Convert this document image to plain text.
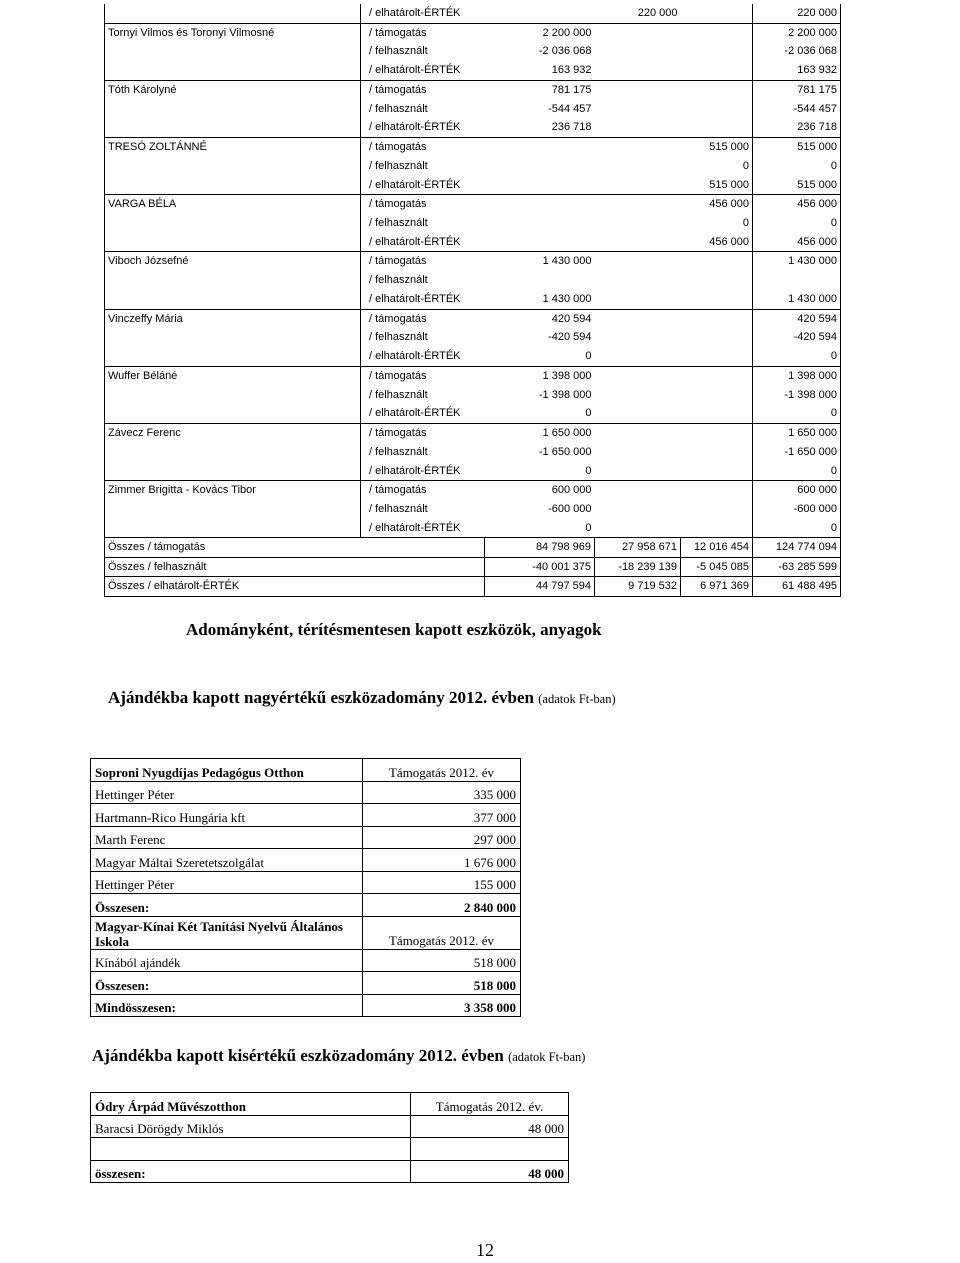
	/ elhatárolt-ÉRTÉK		220 000		220 000
Tornyi Vilmos és Toronyi Vilmosné	/ támogatás	2 200 000			2 200 000
	/ felhasznált	-2 036 068			-2 036 068
	/ elhatárolt-ÉRTÉK	163 932			163 932
Tóth Károlyné	/ támogatás	781 175			781 175
	/ felhasznált	-544 457			-544 457
	/ elhatárolt-ÉRTÉK	236 718			236 718
TRESÓ ZOLTÁNNÉ	/ támogatás			515 000	515 000
	/ felhasznált			0	0
	/ elhatárolt-ÉRTÉK			515 000	515 000
VARGA BÉLA	/ támogatás			456 000	456 000
	/ felhasznált			0	0
	/ elhatárolt-ÉRTÉK			456 000	456 000
Viboch Józsefné	/ támogatás	1 430 000			1 430 000
	/ felhasznált				
	/ elhatárolt-ÉRTÉK	1 430 000			1 430 000
Vinczeffy Mária	/ támogatás	420 594			420 594
	/ felhasznált	-420 594			-420 594
	/ elhatárolt-ÉRTÉK	0			0
Wuffer Béláné	/ támogatás	1 398 000			1 398 000
	/ felhasznált	-1 398 000			-1 398 000
	/ elhatárolt-ÉRTÉK	0			0
Závecz Ferenc	/ támogatás	1 650 000			1 650 000
	/ felhasznált	-1 650 000			-1 650 000
	/ elhatárolt-ÉRTÉK	0			0
Zimmer Brigitta - Kovács Tibor	/ támogatás	600 000			600 000
	/ felhasznált	-600 000			-600 000
	/ elhatárolt-ÉRTÉK	0			0
Összes / támogatás		84 798 969	27 958 671	12 016 454	124 774 094
Összes / felhasznált		-40 001 375	-18 239 139	-5 045 085	-63 285 599
Összes / elhatárolt-ÉRTÉK		44 797 594	9 719 532	6 971 369	61 488 495
Adományként, térítésmentesen kapott eszközök, anyagok
Ajándékba kapott nagyértékű eszközadomány 2012. évben (adatok Ft-ban)
Soproni Nyugdíjas Pedagógus Otthon	Támogatás 2012. év
Hettinger Péter	335 000
Hartmann-Rico Hungária kft	377 000
Marth Ferenc	297 000
Magyar Máltai Szeretetszolgálat	1 676 000
Hettinger Péter	155 000
Összesen:	2 840 000
Magyar-Kínai Két Tanítási Nyelvű Általános Iskola	Támogatás 2012. év
Kínából ajándék	518 000
Összesen:	518 000
Mindösszesen:	3 358 000
Ajándékba kapott kisértékű eszközadomány 2012. évben (adatok Ft-ban)
Ódry Árpád Művészotthon	Támogatás 2012. év.
Baracsi Dörögdy Miklós	48 000

összesen:	48 000
12
